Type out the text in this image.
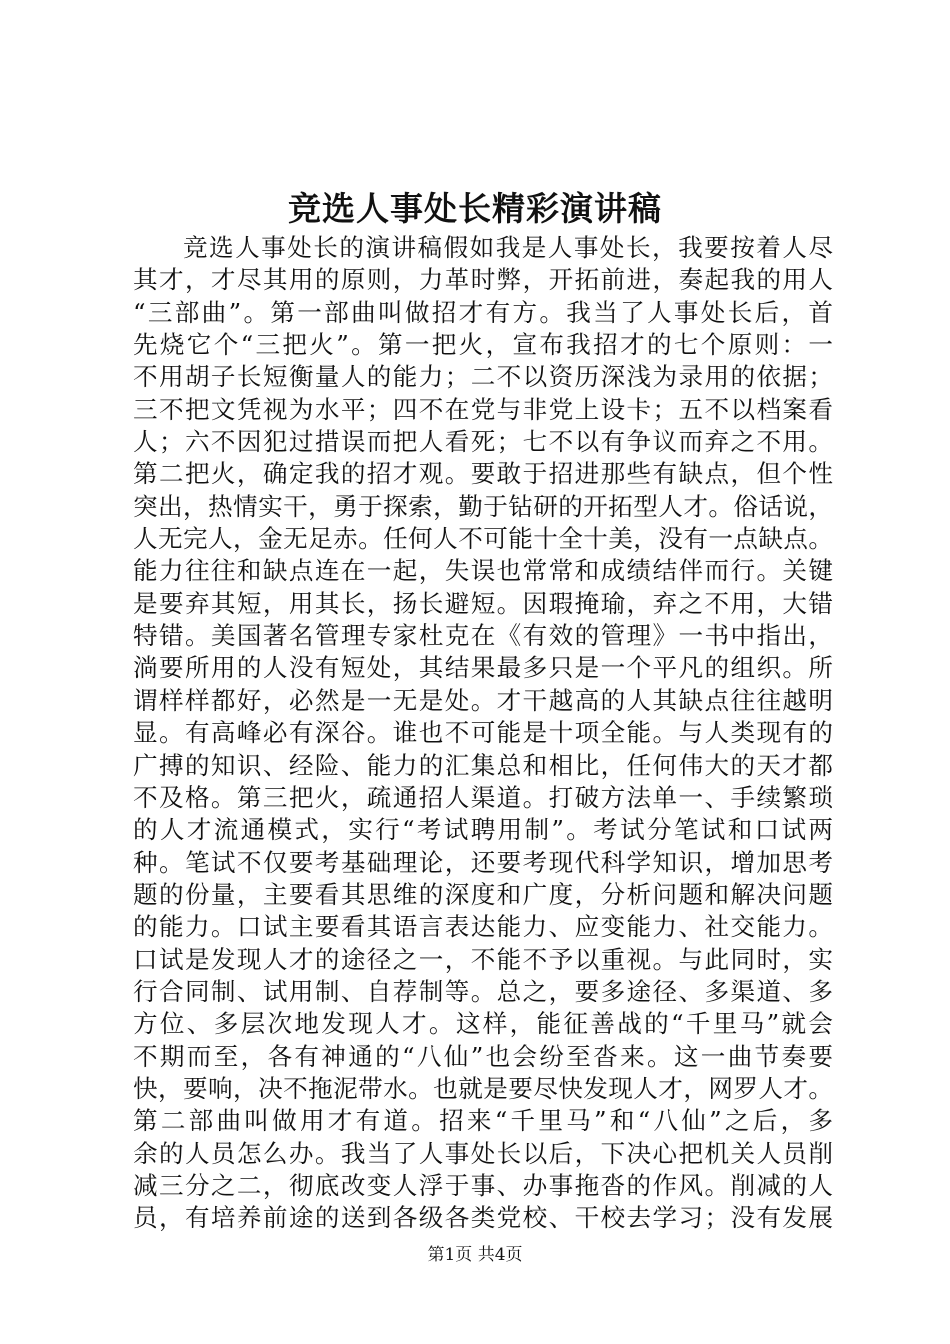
竞选人事处长精彩演讲稿
竞选人事处长的演讲稿假如我是人事处长，我要按着人尽
其才，才尽其用的原则，力革时弊，开拓前进，奏起我的用人
“三部曲”。第一部曲叫做招才有方。我当了人事处长后，首
先烧它个“三把火”。第一把火，宣布我招才的七个原则：一
不用胡子长短衡量人的能力；二不以资历深浅为录用的依据；
三不把文凭视为水平；四不在党与非党上设卡；五不以档案看
人；六不因犯过措误而把人看死；七不以有争议而弃之不用。
第二把火，确定我的招才观。要敢于招进那些有缺点，但个性
突出，热情实干，勇于探索，勤于钻研的开拓型人才。俗话说，
人无完人，金无足赤。任何人不可能十全十美，没有一点缺点。
能力往往和缺点连在一起，失误也常常和成绩结伴而行。关键
是要弃其短，用其长，扬长避短。因瑕掩瑜，弃之不用，大错
特错。美国著名管理专家杜克在《有效的管理》一书中指出，
淌要所用的人没有短处，其结果最多只是一个平凡的组织。所
谓样样都好，必然是一无是处。才干越高的人其缺点往往越明
显。有高峰必有深谷。谁也不可能是十项全能。与人类现有的
广搏的知识、经险、能力的汇集总和相比，任何伟大的天才都
不及格。第三把火，疏通招人渠道。打破方法单一、手续繁琐
的人才流通模式，实行“考试聘用制”。考试分笔试和口试两
种。笔试不仅要考基础理论，还要考现代科学知识，增加思考
题的份量，主要看其思维的深度和广度，分析问题和解决问题
的能力。口试主要看其语言表达能力、应变能力、社交能力。
口试是发现人才的途径之一，不能不予以重视。与此同时，实
行合同制、试用制、自荐制等。总之，要多途径、多渠道、多
方位、多层次地发现人才。这样，能征善战的“千里马”就会
不期而至，各有神通的“八仙”也会纷至沓来。这一曲节奏要
快，要响，决不拖泥带水。也就是要尽快发现人才，网罗人才。
第二部曲叫做用才有道。招来“千里马”和“八仙”之后，多
余的人员怎么办。我当了人事处长以后，下决心把机关人员削
减三分之二，彻底改变人浮于事、办事拖沓的作风。削减的人
员，有培养前途的送到各级各类党校、干校去学习；没有发展
第1页 共4页
